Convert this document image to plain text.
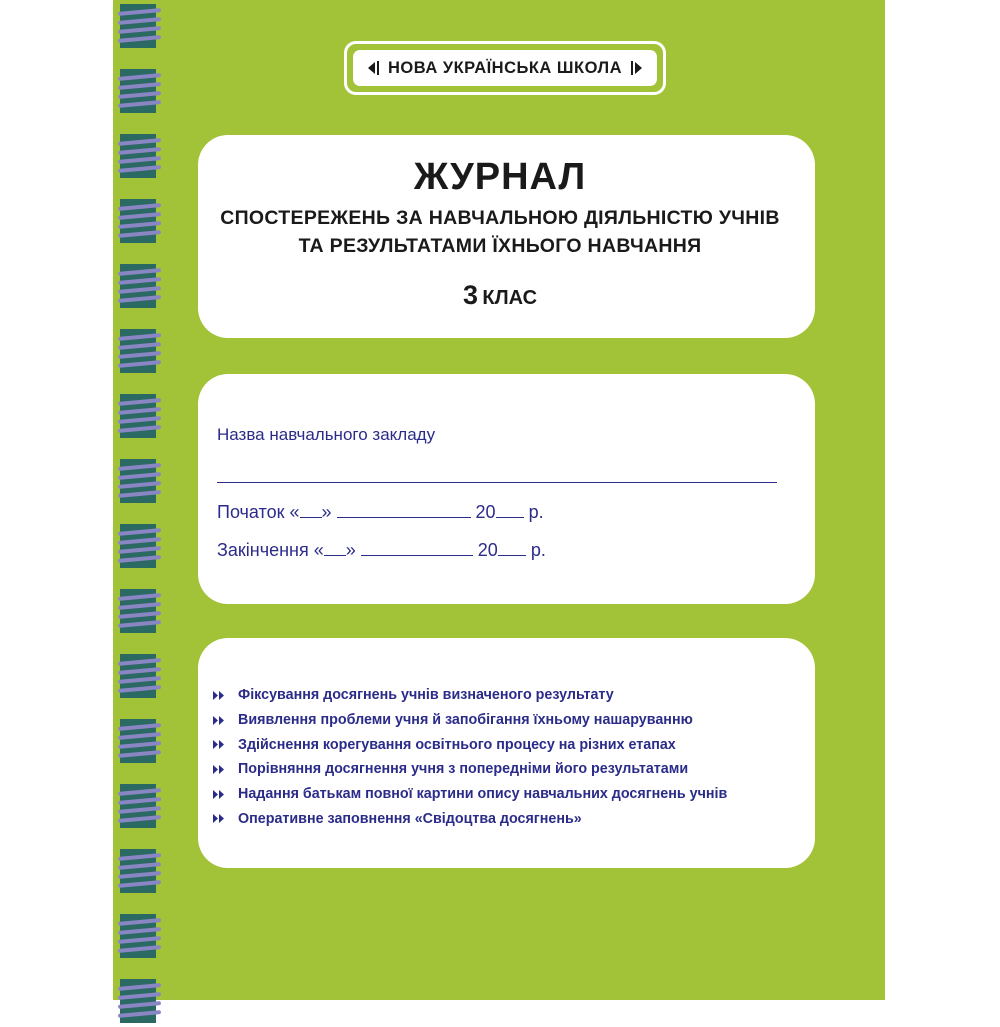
НОВА УКРАЇНСЬКА ШКОЛА
ЖУРНАЛ
СПОСТЕРЕЖЕНЬ ЗА НАВЧАЛЬНОЮ ДІЯЛЬНІСТЮ УЧНІВ
ТА РЕЗУЛЬТАТАМИ ЇХНЬОГО НАВЧАННЯ
3 КЛАС
Назва навчального закладу
Початок « »	20 р.
Закінчення « »	20 р.
Фіксування досягнень учнів визначеного результату
Виявлення проблеми учня й запобігання їхньому нашаруванню
Здійснення корегування освітнього процесу на різних етапах
Порівняння досягнення учня з попередніми його результатами
Надання батькам повної картини опису навчальних досягнень учнів
Оперативне заповнення «Свідоцтва досягнень»
